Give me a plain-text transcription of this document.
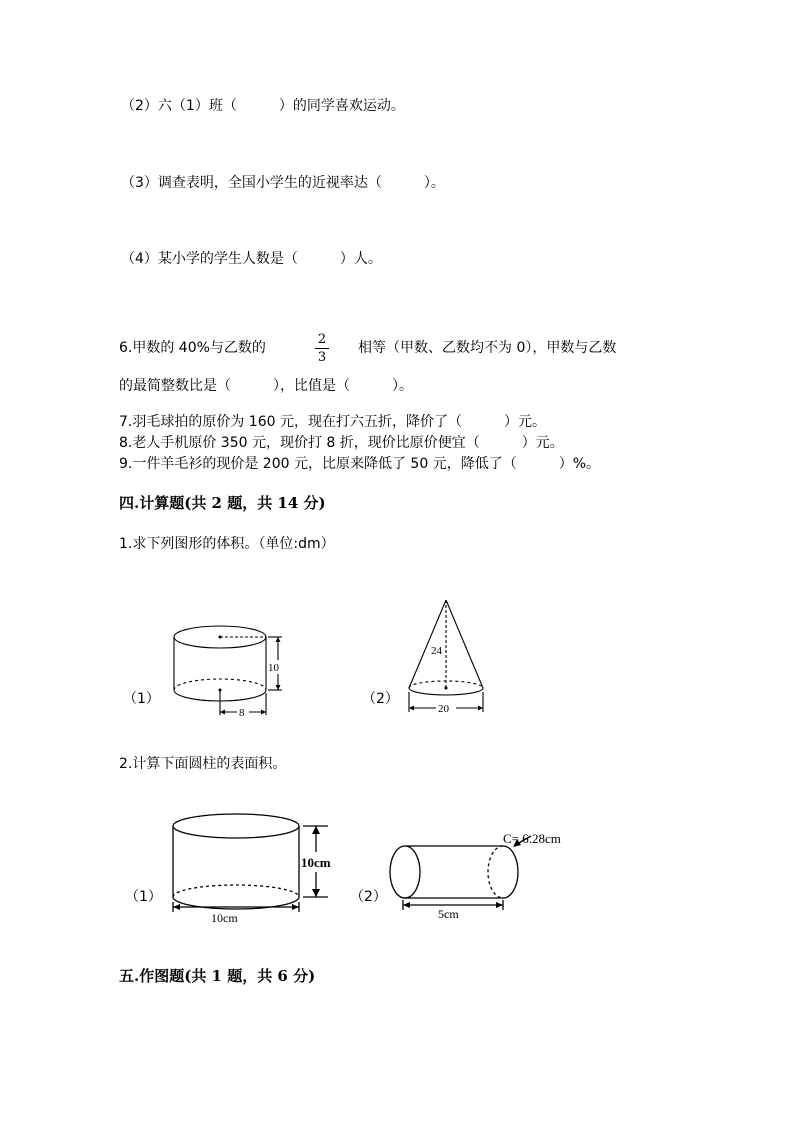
（2）六（1）班（　　　）的同学喜欢运动。
（3）调查表明，全国小学生的近视率达（　　　）。
（4）某小学的学生人数是（　　　）人。
6.甲数的 40%与乙数的
2
3
相等（甲数、乙数均不为 0），甲数与乙数
的最简整数比是（　　　），比值是（　　　）。
7.羽毛球拍的原价为 160 元，现在打六五折，降价了（　　　）元。
8.老人手机原价 350 元，现价打 8 折，现价比原价便宜（　　　）元。
9.一件羊毛衫的现价是 200 元，比原来降低了 50 元，降低了（　　　）%。
四.计算题(共 2 题，共 14 分)
1.求下列图形的体积。（单位:dm）
（1）	（2）
10
8
24
20
2.计算下面圆柱的表面积。
（1）	（2）
10cm
10cm
C= 6.28cm
5cm
五.作图题(共 1 题，共 6 分)
